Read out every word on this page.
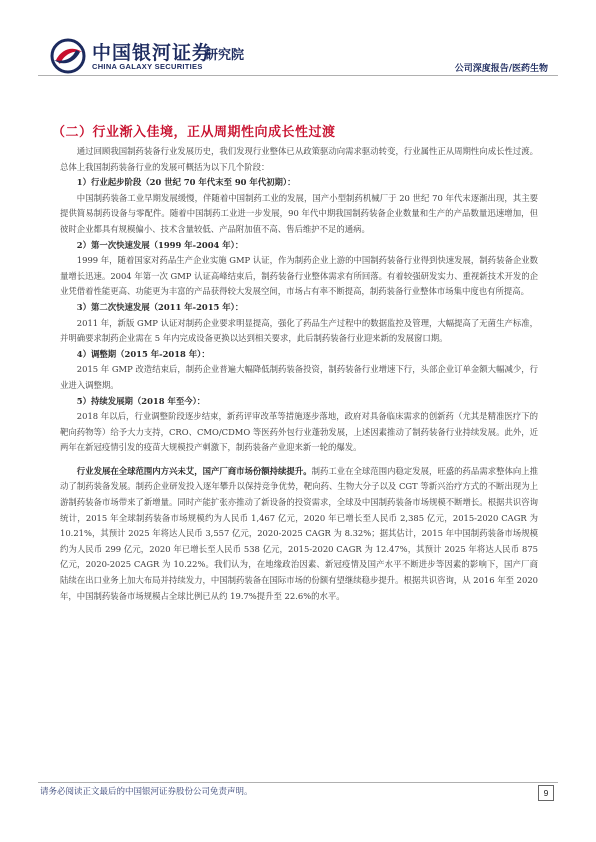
中国银河证券
CHINA GALAXY SECURITIES
研究院
公司深度报告/医药生物
（二）行业渐入佳境，正从周期性向成长性过渡

通过回顾我国制药装备行业发展历史，我们发现行业整体已从政策驱动向需求驱动转变，行业属性正从周期性向成长性过渡。总体上我国制药装备行业的发展可概括为以下几个阶段：

1）行业起步阶段（20 世纪 70 年代末至 90 年代初期）：

中国制药装备工业早期发展缓慢，伴随着中国制药工业的发展，国产小型制药机械厂于 20 世纪 70 年代末逐渐出现，其主要提供简易制药设备与零配件。随着中国制药工业进一步发展，90 年代中期我国制药装备企业数量和生产的产品数量迅速增加，但彼时企业都具有规模偏小、技术含量较低、产品附加值不高、售后维护不足的通病。

2）第一次快速发展（1999 年-2004 年）：

1999 年，随着国家对药品生产企业实施 GMP 认证，作为制药企业上游的中国制药装备行业得到快速发展，制药装备企业数量增长迅速。2004 年第一次 GMP 认证高峰结束后，制药装备行业整体需求有所回落。有着较强研发实力、重视新技术开发的企业凭借着性能更高、功能更为丰富的产品获得较大发展空间，市场占有率不断提高，制药装备行业整体市场集中度也有所提高。

3）第二次快速发展（2011 年-2015 年）：

2011 年，新版 GMP 认证对制药企业要求明显提高，强化了药品生产过程中的数据监控及管理，大幅提高了无菌生产标准，并明确要求制药企业需在 5 年内完成设备更换以达到相关要求，此后制药装备行业迎来新的发展窗口期。

4）调整期（2015 年-2018 年）：

2015 年 GMP 改造结束后，制药企业普遍大幅降低制药装备投资，制药装备行业增速下行，头部企业订单金额大幅减少，行业进入调整期。

5）持续发展期（2018 年至今）：

2018 年以后，行业调整阶段逐步结束，新药评审改革等措施逐步落地，政府对具备临床需求的创新药（尤其是精准医疗下的靶向药物等）给予大力支持，CRO、CMO/CDMO 等医药外包行业蓬勃发展，上述因素推动了制药装备行业持续发展。此外，近两年在新冠疫情引发的疫苗大规模投产刺激下，制药装备产业迎来新一轮的爆发。

行业发展在全球范围内方兴未艾，国产厂商市场份额持续提升。制药工业在全球范围内稳定发展，旺盛的药品需求整体向上推动了制药装备发展。制药企业研发投入逐年攀升以保持竞争优势，靶向药、生物大分子以及 CGT 等新兴治疗方式的不断出现为上游制药装备市场带来了新增量。同时产能扩张亦推动了新设备的投资需求，全球及中国制药装备市场规模不断增长。根据共识咨询统计，2015 年全球制药装备市场规模约为人民币 1,467 亿元，2020 年已增长至人民币 2,385 亿元，2015-2020 CAGR 为 10.21%，其预计 2025 年将达人民币 3,557 亿元，2020-2025 CAGR 为 8.32%；据其估计，2015 年中国制药装备市场规模约为人民币 299 亿元，2020 年已增长至人民币 538 亿元，2015-2020 CAGR 为 12.47%，其预计 2025 年将达人民币 875 亿元，2020-2025 CAGR 为 10.22%。我们认为，在地缘政治因素、新冠疫情及国产水平不断进步等因素的影响下，国产厂商陆续在出口业务上加大布局并持续发力，中国制药装备在国际市场的份额有望继续稳步提升。根据共识咨询，从 2016 年至 2020 年，中国制药装备市场规模占全球比例已从约 19.7%提升至 22.6%的水平。

请务必阅读正文最后的中国银河证券股份公司免责声明。	9
